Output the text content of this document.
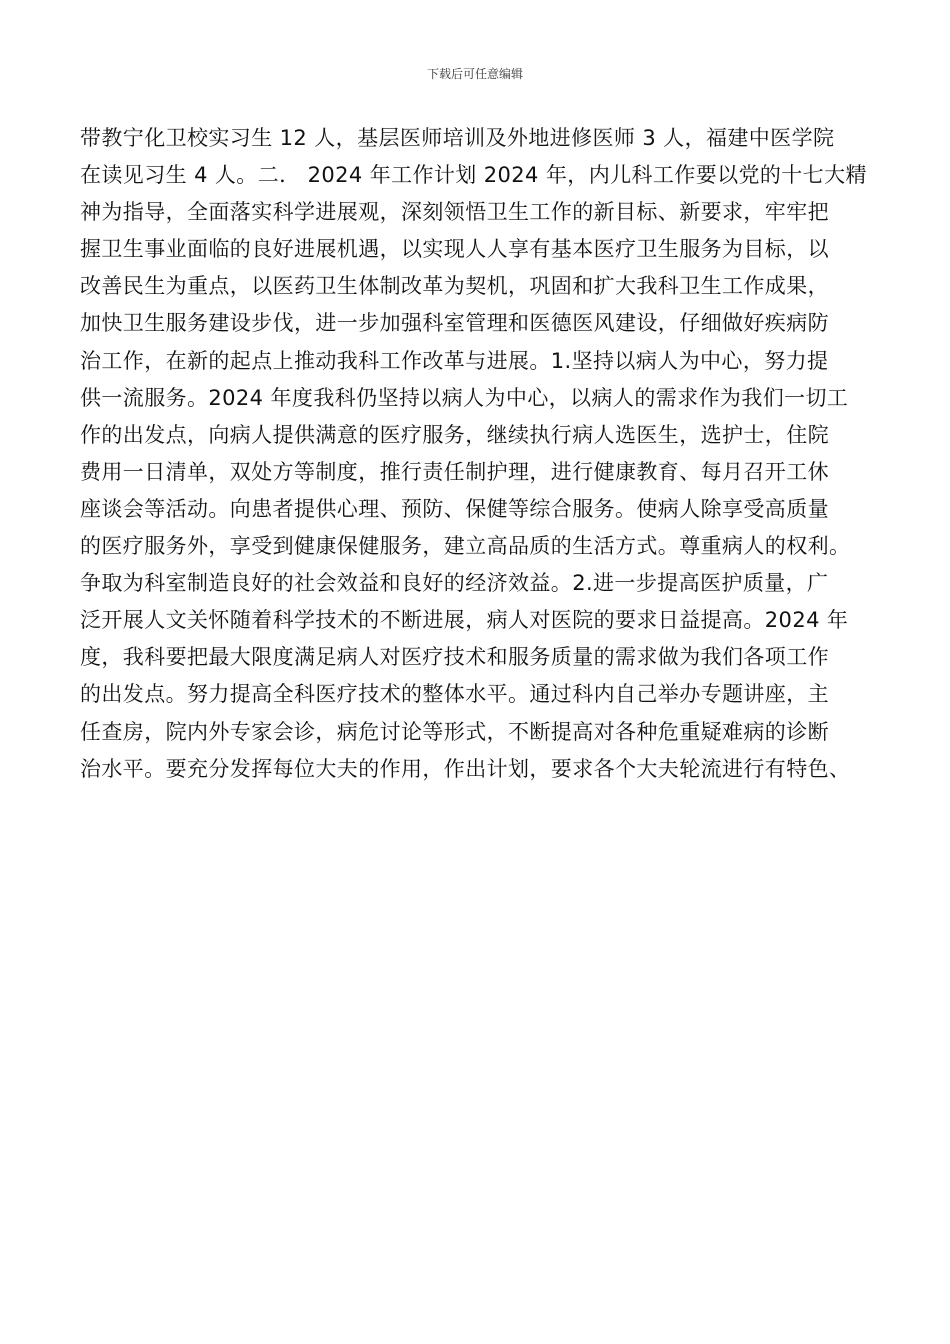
下载后可任意编辑
带教宁化卫校实习生 12 人，基层医师培训及外地进修医师 3 人，福建中医学院
在读见习生 4 人。二． 2024 年工作计划 2024 年，内儿科工作要以党的十七大精
神为指导，全面落实科学进展观，深刻领悟卫生工作的新目标、新要求，牢牢把
握卫生事业面临的良好进展机遇，以实现人人享有基本医疗卫生服务为目标，以
改善民生为重点，以医药卫生体制改革为契机，巩固和扩大我科卫生工作成果，
加快卫生服务建设步伐，进一步加强科室管理和医德医风建设，仔细做好疾病防
治工作，在新的起点上推动我科工作改革与进展。1.坚持以病人为中心，努力提
供一流服务。2024 年度我科仍坚持以病人为中心，以病人的需求作为我们一切工
作的出发点，向病人提供满意的医疗服务，继续执行病人选医生，选护士，住院
费用一日清单，双处方等制度，推行责任制护理，进行健康教育、每月召开工休
座谈会等活动。向患者提供心理、预防、保健等综合服务。使病人除享受高质量
的医疗服务外，享受到健康保健服务，建立高品质的生活方式。尊重病人的权利。
争取为科室制造良好的社会效益和良好的经济效益。2.进一步提高医护质量，广
泛开展人文关怀随着科学技术的不断进展，病人对医院的要求日益提高。2024 年
度，我科要把最大限度满足病人对医疗技术和服务质量的需求做为我们各项工作
的出发点。努力提高全科医疗技术的整体水平。通过科内自己举办专题讲座，主
任查房，院内外专家会诊，病危讨论等形式，不断提高对各种危重疑难病的诊断
治水平。要充分发挥每位大夫的作用，作出计划，要求各个大夫轮流进行有特色、
